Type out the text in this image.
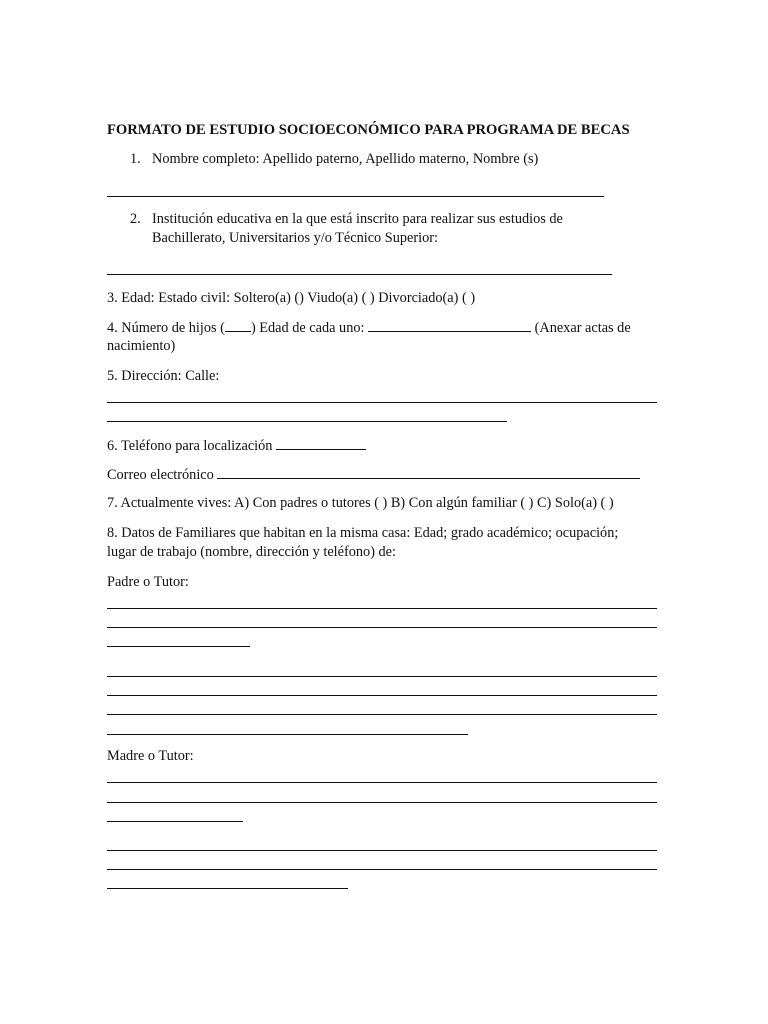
FORMATO DE ESTUDIO SOCIOECONÓMICO PARA PROGRAMA DE BECAS
1. Nombre completo: Apellido paterno, Apellido materno, Nombre (s)
2. Institución educativa en la que está inscrito para realizar sus estudios de
Bachillerato, Universitarios y/o Técnico Superior:
3. Edad: Estado civil: Soltero(a) () Viudo(a) ( ) Divorciado(a) ( )
4. Número de hijos ( ) Edad de cada uno:	(Anexar actas de
nacimiento)
5. Dirección: Calle:
6. Teléfono para localización
Correo electrónico
7. Actualmente vives: A) Con padres o tutores ( ) B) Con algún familiar ( ) C) Solo(a) ( )
8. Datos de Familiares que habitan en la misma casa: Edad; grado académico; ocupación;
lugar de trabajo (nombre, dirección y teléfono) de:
Padre o Tutor:
Madre o Tutor:
